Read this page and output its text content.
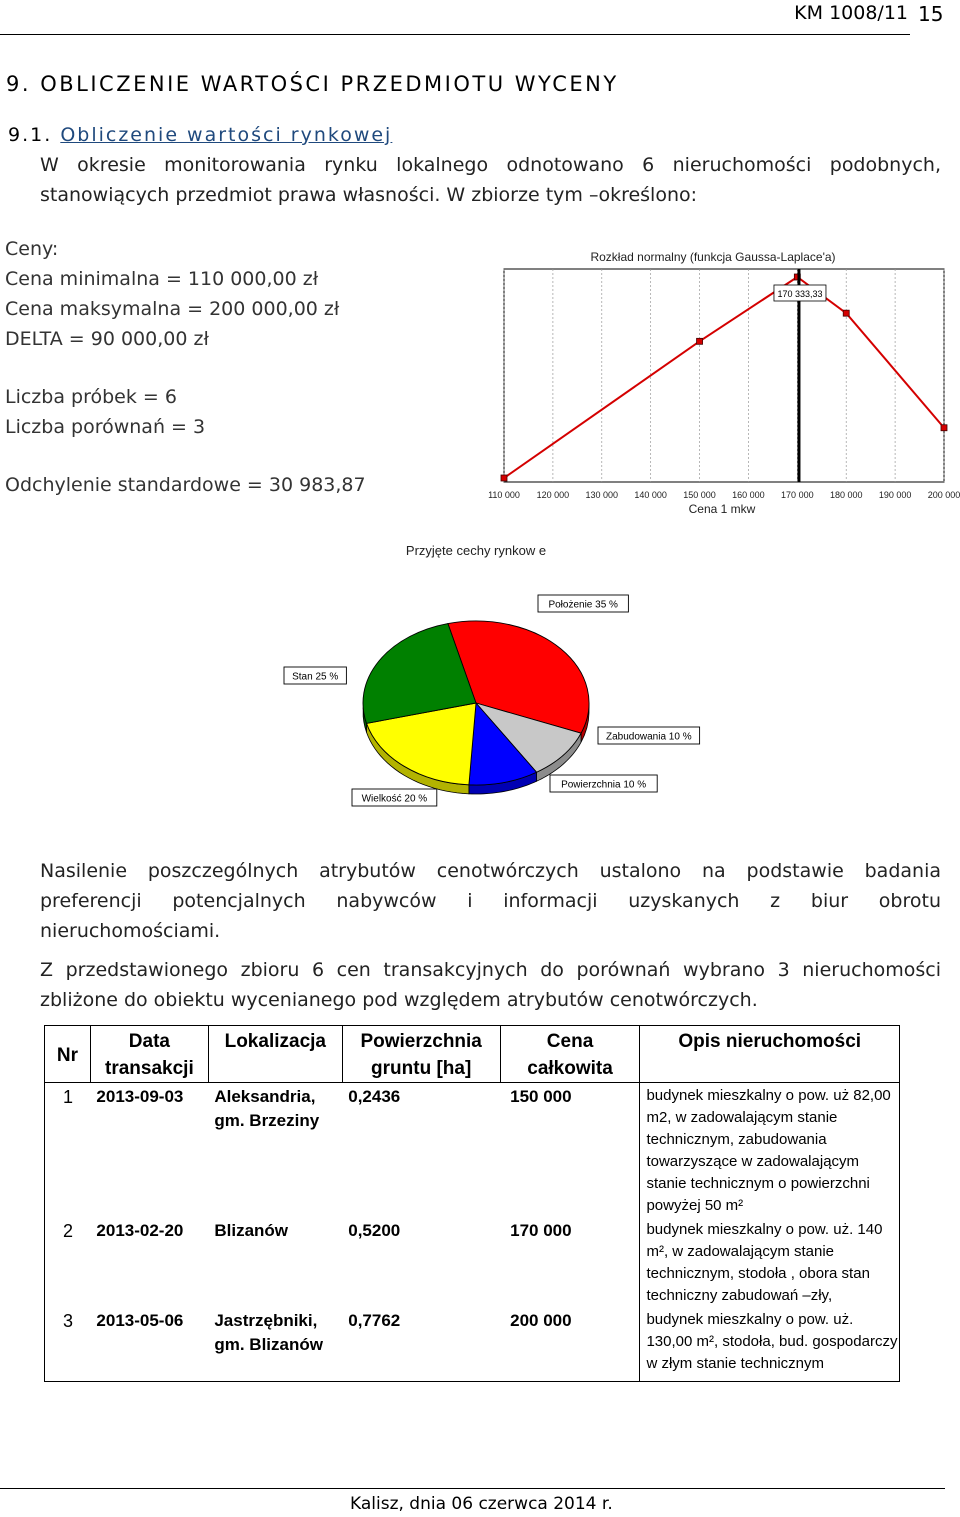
KM 1008/11 15
9. OBLICZENIE WARTOŚCI PRZEDMIOTU WYCENY
9.1. Obliczenie wartości rynkowej
W okresie monitorowania rynku lokalnego odnotowano 6 nieruchomości podobnych,
stanowiących przedmiot prawa własności. W zbiorze tym –określono:
Ceny:
Cena minimalna = 110 000,00 zł
Cena maksymalna = 200 000,00 zł
DELTA = 90 000,00 zł
Liczba próbek = 6
Liczba porównań = 3
Odchylenie standardowe = 30 983,87
Rozkład normalny (funkcja Gaussa-Laplace'a)
170 333,33
110 000 120 000 130 000 140 000 150 000 160 000 170 000 180 000 190 000 200 000
Cena 1 mkw
Przyjęte cechy rynkow e
Położenie 35 %
Zabudowania 10 %
Powierzchnia 10 %
Wielkość 20 %
Stan 25 %
Nasilenie poszczególnych atrybutów cenotwórczych ustalono na podstawie badania
preferencji potencjalnych nabywców i informacji uzyskanych z biur obrotu
nieruchomościami.
Z przedstawionego zbioru 6 cen transakcyjnych do porównań wybrano 3 nieruchomości
zbliżone do obiektu wycenianego pod względem atrybutów cenotwórczych.
Nr	Data transakcji	Lokalizacja	Powierzchnia gruntu [ha]	Cena całkowita	Opis nieruchomości
1	2013-09-03	Aleksandria, gm. Brzeziny	0,2436	150 000	budynek mieszkalny o pow. uż 82,00 m2, w zadowalającym stanie technicznym, zabudowania towarzyszące w zadowalającym stanie technicznym o powierzchni powyżej 50 m²
2	2013-02-20	Blizanów	0,5200	170 000	budynek mieszkalny o pow. uż. 140 m², w zadowalającym stanie technicznym, stodoła , obora stan techniczny zabudowań –zły,
3	2013-05-06	Jastrzębniki, gm. Blizanów	0,7762	200 000	budynek mieszkalny o pow. uż. 130,00 m², stodoła, bud. gospodarczy w złym stanie technicznym
Kalisz, dnia 06 czerwca 2014 r.
